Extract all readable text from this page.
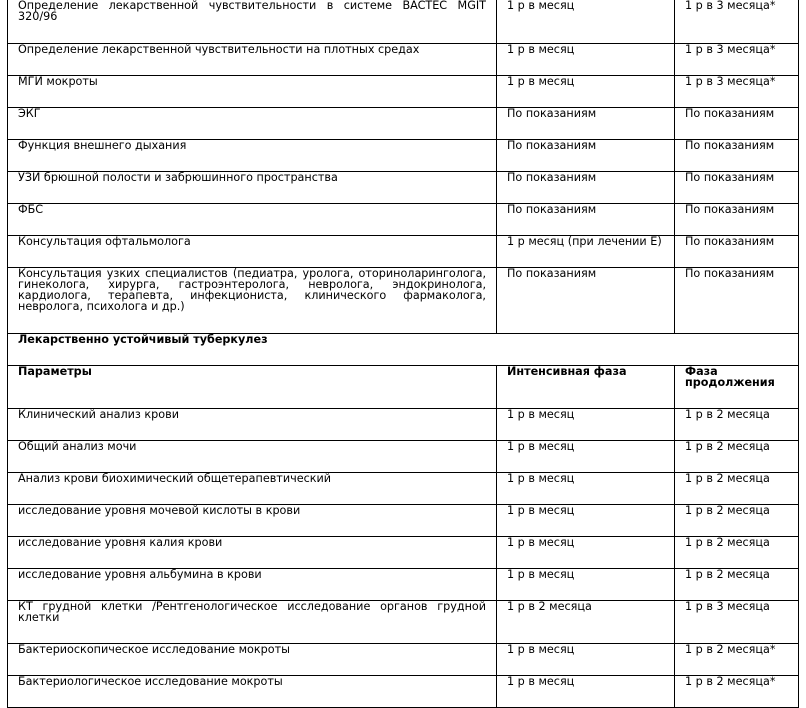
Определение лекарственной чувствительности в системе BACTEC MGIT 320/96	1 р в месяц	1 р в 3 месяца*
Определение лекарственной чувствительности на плотных средах	1 р в месяц	1 р в 3 месяца*
МГИ мокроты	1 р в месяц	1 р в 3 месяца*
ЭКГ	По показаниям	По показаниям
Функция внешнего дыхания	По показаниям	По показаниям
УЗИ брюшной полости и забрюшинного пространства	По показаниям	По показаниям
ФБС	По показаниям	По показаниям
Консультация офтальмолога	1 р месяц (при лечении Е)	По показаниям
Консультация узких специалистов (педиатра, уролога, оториноларинголога, гинеколога, хирурга, гастроэнтеролога, невролога, эндокринолога, кардиолога, терапевта, инфекциониста, клинического фармаколога, невролога, психолога и др.)	По показаниям	По показаниям
Лекарственно устойчивый туберкулез		
Параметры	Интенсивная фаза	Фаза продолжения
Клинический анализ крови	1 р в месяц	1 р в 2 месяца
Общий анализ мочи	1 р в месяц	1 р в 2 месяца
Анализ крови биохимический общетерапевтический	1 р в месяц	1 р в 2 месяца
исследование уровня мочевой кислоты в крови	1 р в месяц	1 р в 2 месяца
исследование уровня калия крови	1 р в месяц	1 р в 2 месяца
исследование уровня альбумина в крови	1 р в месяц	1 р в 2 месяца
КТ грудной клетки /Рентгенологическое исследование органов грудной клетки	1 р в 2 месяца	1 р в 3 месяца
Бактериоскопическое исследование мокроты	1 р в месяц	1 р в 2 месяца*
Бактериологическое исследование мокроты	1 р в месяц	1 р в 2 месяца*
